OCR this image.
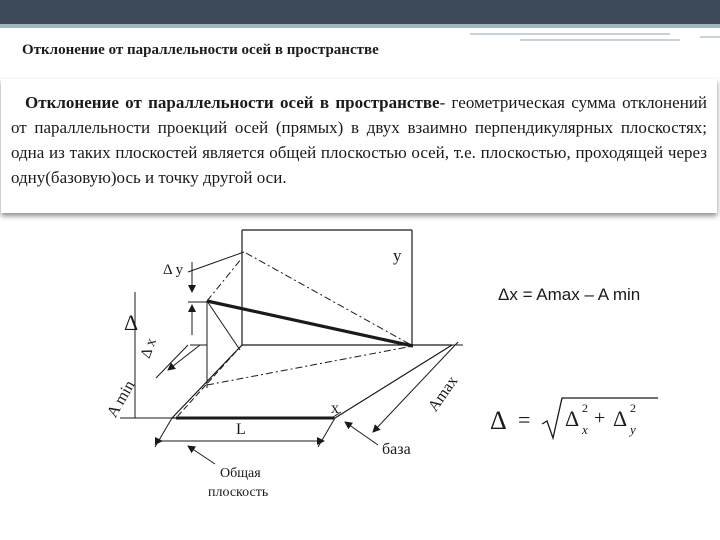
Отклонение от параллельности осей в пространстве

Отклонение от параллельности осей в пространстве- геометрическая сумма отклонений от параллельности проекций осей (прямых) в двух взаимно перпендикулярных плоскостях; одна из таких плоскостей является общей плоскостью осей, т.е. плоскостью, проходящей через одну(базовую)ось и точку другой оси.

y
Δ y
Δ
Δ x
A min	Amax
x
L
база
Общая
плоскость
Δx = Amax – A min
Δ = Δ 2
x
+ Δ 2
y
